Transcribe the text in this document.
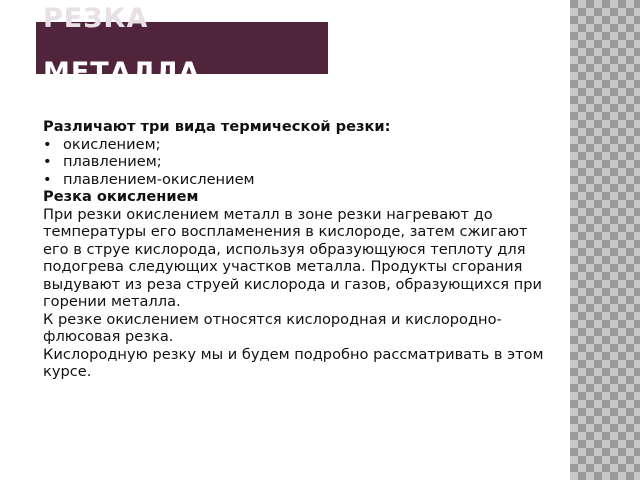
РЕЗКА
МЕТАЛЛА

Различают три вида термической резки:

• окислением;
• плавлением;
• плавлением-окислением

Резка окислением

При резки окислением металл в зоне резки нагревают до температуры его воспламенения в кислороде, затем сжигают его в струе кислорода, используя образующуюся теплоту для подогрева следующих участков металла. Продукты сгорания выдувают из реза струей кислорода и газов, образующихся при горении металла.

К резке окислением относятся кислородная и кислородно-флюсовая резка.

Кислородную резку мы и будем подробно рассматривать в этом курсе.
